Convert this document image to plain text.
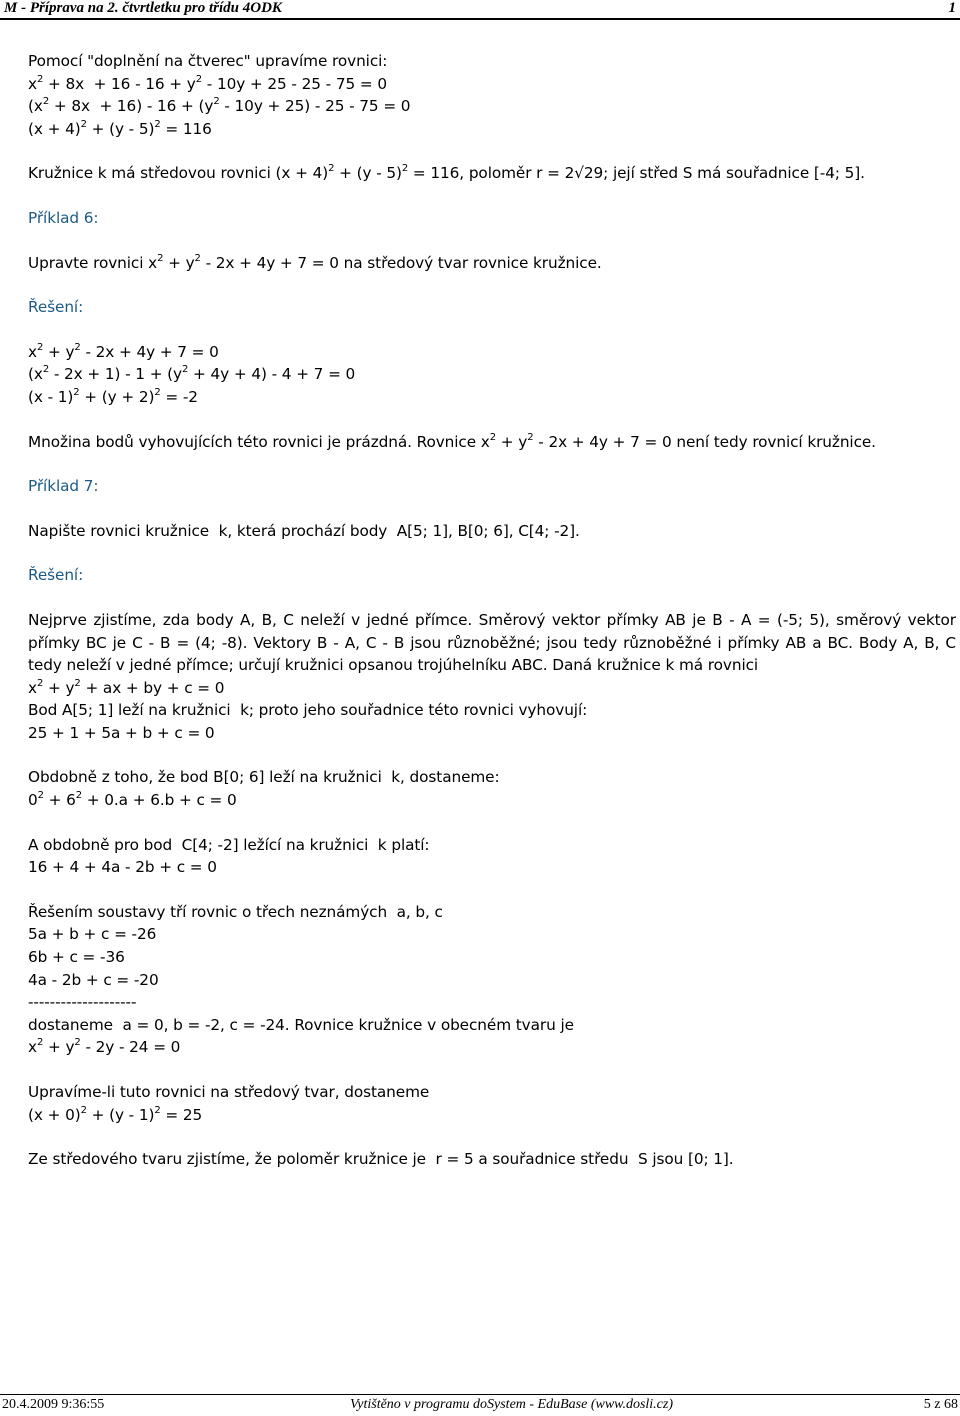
M - Příprava na 2. čtvrtletku pro třídu 4ODK	1
Pomocí "doplnění na čtverec" upravíme rovnici:
$x^2 + 8x + 16 - 16 + y^2 - 10y + 25 - 25 - 75 = 0$
$(x^2 + 8x + 16) - 16 + (y^2 - 10y + 25) - 25 - 75 = 0$
$(x + 4)^2 + (y - 5)^2 = 116$
Kružnice k má středovou rovnici $(x + 4)^2 + (y - 5)^2 = 116$, poloměr r = 2√29; její střed S má souřadnice [-4; 5].
Příklad 6:
Upravte rovnici $x^2 + y^2 - 2x + 4y + 7 = 0$ na středový tvar rovnice kružnice.
Řešení:
$x^2 + y^2 - 2x + 4y + 7 = 0$
$(x^2 - 2x + 1) - 1 + (y^2 + 4y + 4) - 4 + 7 = 0$
$(x - 1)^2 + (y + 2)^2 = -2$
Množina bodů vyhovujících této rovnici je prázdná. Rovnice $x^2 + y^2 - 2x + 4y + 7 = 0$ není tedy rovnicí kružnice.
Příklad 7:
Napište rovnici kružnice  k, která prochází body  A[5; 1], B[0; 6], C[4; -2].
Řešení:
Nejprve zjistíme, zda body A, B, C neleží v jedné přímce. Směrový vektor přímky AB je B - A = (-5; 5), směrový vektor přímky BC je C - B = (4; -8). Vektory B - A, C - B jsou různoběžné; jsou tedy různoběžné i přímky AB a BC. Body A, B, C tedy neleží v jedné přímce; určují kružnici opsanou trojúhelníku ABC. Daná kružnice k má rovnici
$x^2 + y^2$ + ax + by + c = 0
Bod A[5; 1] leží na kružnici  k; proto jeho souřadnice této rovnici vyhovují:
25 + 1 + 5a + b + c = 0
Obdobně z toho, že bod B[0; 6] leží na kružnici  k, dostaneme:
$0^2 + 6^2 + 0.a + 6.b + c = 0$
A obdobně pro bod  C[4; -2] ležící na kružnici  k platí:
16 + 4 + 4a - 2b + c = 0
Řešením soustavy tří rovnic o třech neznámých  a, b, c
5a + b + c = -26
6b + c = -36
4a - 2b + c = -20
--------------------
dostaneme  a = 0, b = -2, c = -24. Rovnice kružnice v obecném tvaru je
$x^2 + y^2 - 2y - 24 = 0$
Upravíme-li tuto rovnici na středový tvar, dostaneme
$(x + 0)^2 + (y - 1)^2 = 25$
Ze středového tvaru zjistíme, že poloměr kružnice je  r = 5 a souřadnice středu  S jsou [0; 1].
20.4.2009 9:36:55	Vytištěno v programu doSystem - EduBase (www.dosli.cz)	5 z 68
